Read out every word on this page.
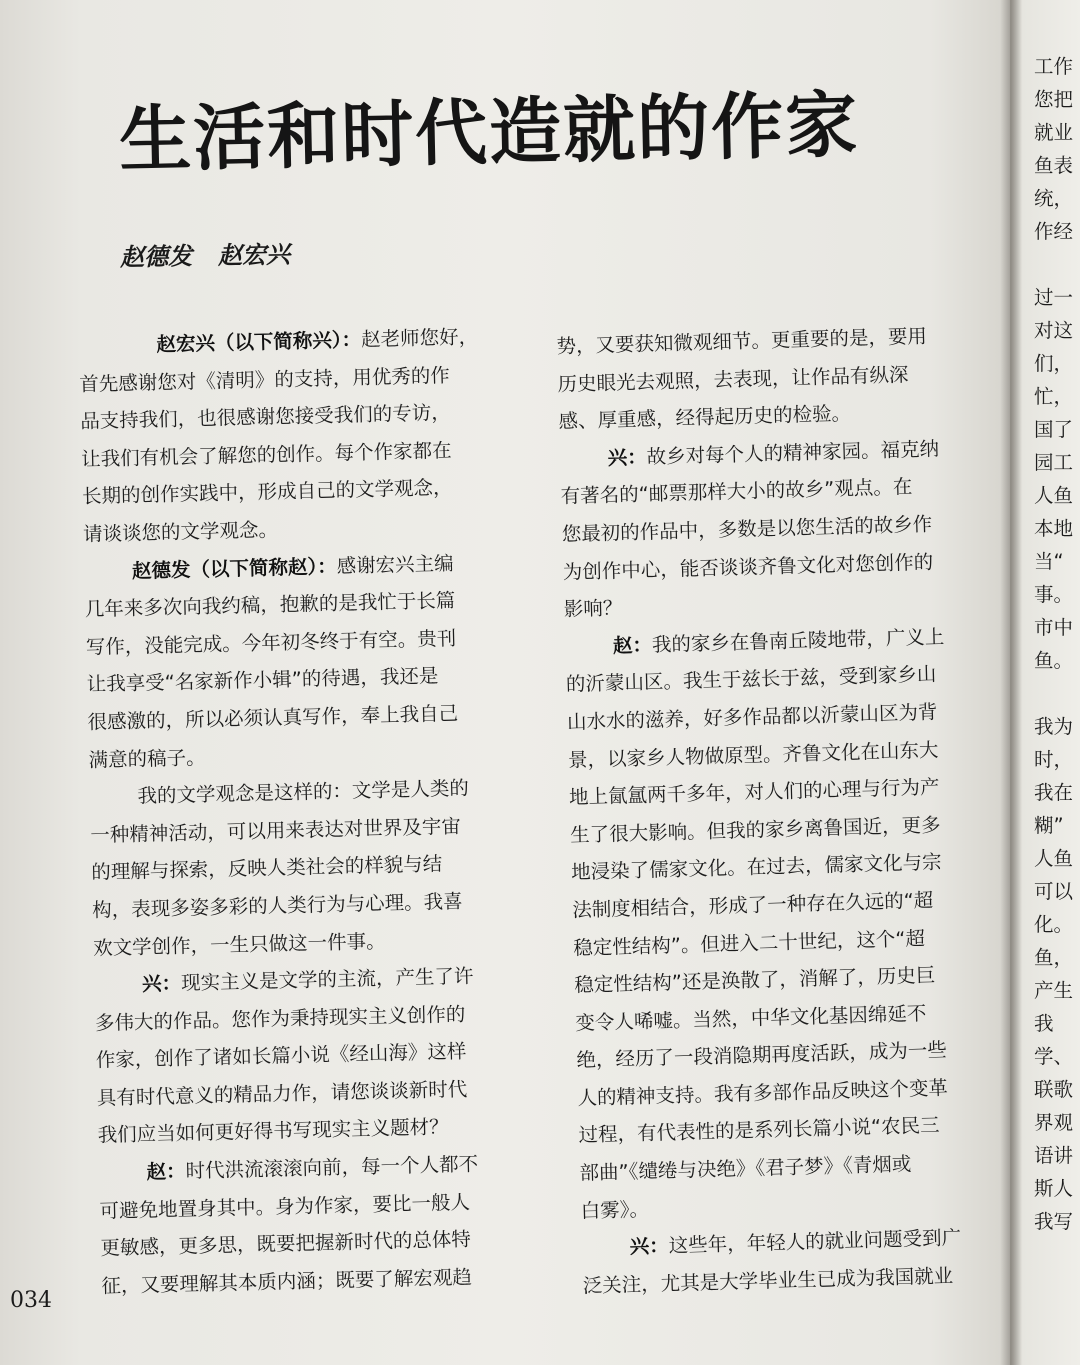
生活和时代造就的作家
赵德发 赵宏兴
赵宏兴（以下简称兴）：赵老师您好，
首先感谢您对《清明》的支持，用优秀的作
品支持我们，也很感谢您接受我们的专访，
让我们有机会了解您的创作。每个作家都在
长期的创作实践中，形成自己的文学观念，
请谈谈您的文学观念。
赵德发（以下简称赵）：感谢宏兴主编
几年来多次向我约稿，抱歉的是我忙于长篇
写作，没能完成。今年初冬终于有空。贵刊
让我享受“名家新作小辑”的待遇，我还是
很感激的，所以必须认真写作，奉上我自己
满意的稿子。
我的文学观念是这样的：文学是人类的
一种精神活动，可以用来表达对世界及宇宙
的理解与探索，反映人类社会的样貌与结
构，表现多姿多彩的人类行为与心理。我喜
欢文学创作，一生只做这一件事。
兴：现实主义是文学的主流，产生了许
多伟大的作品。您作为秉持现实主义创作的
作家，创作了诸如长篇小说《经山海》这样
具有时代意义的精品力作，请您谈谈新时代
我们应当如何更好得书写现实主义题材？
赵：时代洪流滚滚向前，每一个人都不
可避免地置身其中。身为作家，要比一般人
更敏感，更多思，既要把握新时代的总体特
征，又要理解其本质内涵；既要了解宏观趋
势，又要获知微观细节。更重要的是，要用
历史眼光去观照，去表现，让作品有纵深
感、厚重感，经得起历史的检验。
兴：故乡对每个人的精神家园。福克纳
有著名的“邮票那样大小的故乡”观点。在
您最初的作品中，多数是以您生活的故乡作
为创作中心，能否谈谈齐鲁文化对您创作的
影响？
赵：我的家乡在鲁南丘陵地带，广义上
的沂蒙山区。我生于兹长于兹，受到家乡山
山水水的滋养，好多作品都以沂蒙山区为背
景，以家乡人物做原型。齐鲁文化在山东大
地上氤氲两千多年，对人们的心理与行为产
生了很大影响。但我的家乡离鲁国近，更多
地浸染了儒家文化。在过去，儒家文化与宗
法制度相结合，形成了一种存在久远的“超
稳定性结构”。但进入二十世纪，这个“超
稳定性结构”还是涣散了，消解了，历史巨
变令人唏嘘。当然，中华文化基因绵延不
绝，经历了一段消隐期再度活跃，成为一些
人的精神支持。我有多部作品反映这个变革
过程，有代表性的是系列长篇小说“农民三
部曲”《缱绻与决绝》《君子梦》《青烟或
白雾》。
兴：这些年，年轻人的就业问题受到广
泛关注，尤其是大学毕业生已成为我国就业
034
工作
您把
就业
鱼表
统，
作经
过一
对这
们，
忙，
国了
园工
人鱼
本地
当“
事。
市中
鱼。
我为
时，
我在
糊”
人鱼
可以
化。
鱼，
产生
我
学、
联歌
界观
语讲
斯人
我写
